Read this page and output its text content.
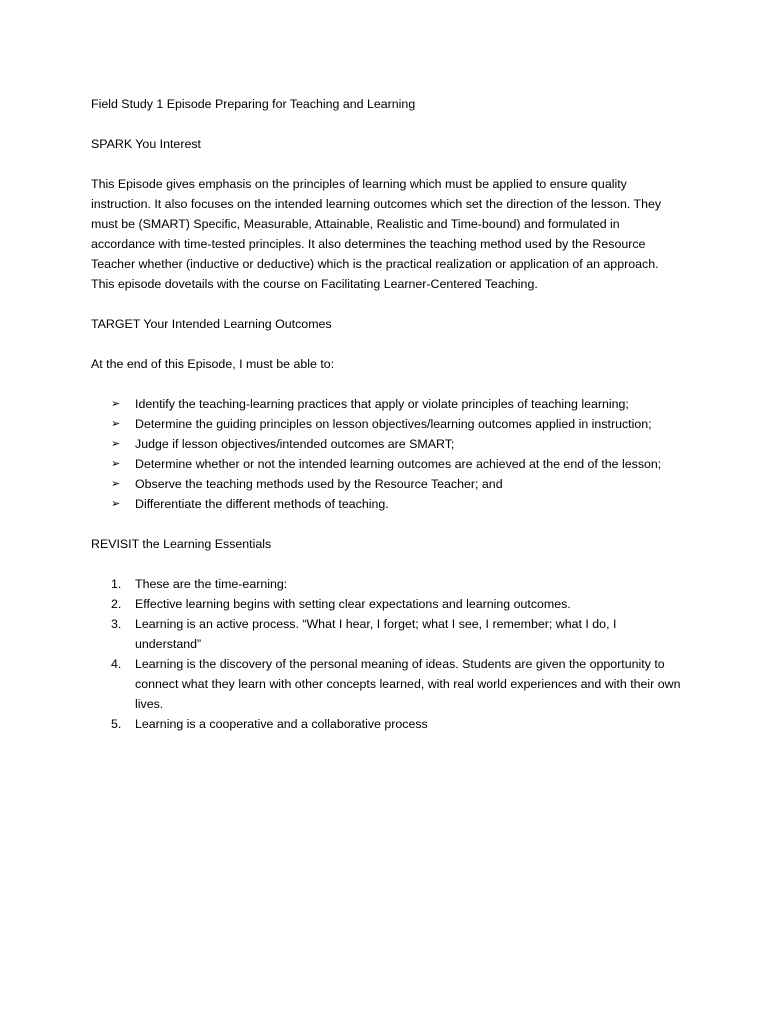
Field Study 1 Episode Preparing for Teaching and Learning

SPARK You Interest

This Episode gives emphasis on the principles of learning which must be applied to ensure quality instruction. It also focuses on the intended learning outcomes which set the direction of the lesson. They must be (SMART) Specific, Measurable, Attainable, Realistic and Time-bound) and formulated in accordance with time-tested principles. It also determines the teaching method used by the Resource Teacher whether (inductive or deductive) which is the practical realization or application of an approach. This episode dovetails with the course on Facilitating Learner-Centered Teaching.

TARGET Your Intended Learning Outcomes

At the end of this Episode, I must be able to:

➢ Identify the teaching-learning practices that apply or violate principles of teaching learning;
➢ Determine the guiding principles on lesson objectives/learning outcomes applied in instruction;
➢ Judge if lesson objectives/intended outcomes are SMART;
➢ Determine whether or not the intended learning outcomes are achieved at the end of the lesson;
➢ Observe the teaching methods used by the Resource Teacher; and
➢ Differentiate the different methods of teaching.

REVISIT the Learning Essentials

1. These are the time-earning:
2. Effective learning begins with setting clear expectations and learning outcomes.
3. Learning is an active process. “What I hear, I forget; what I see, I remember; what I do, I understand”
4. Learning is the discovery of the personal meaning of ideas. Students are given the opportunity to connect what they learn with other concepts learned, with real world experiences and with their own lives.
5. Learning is a cooperative and a collaborative process
